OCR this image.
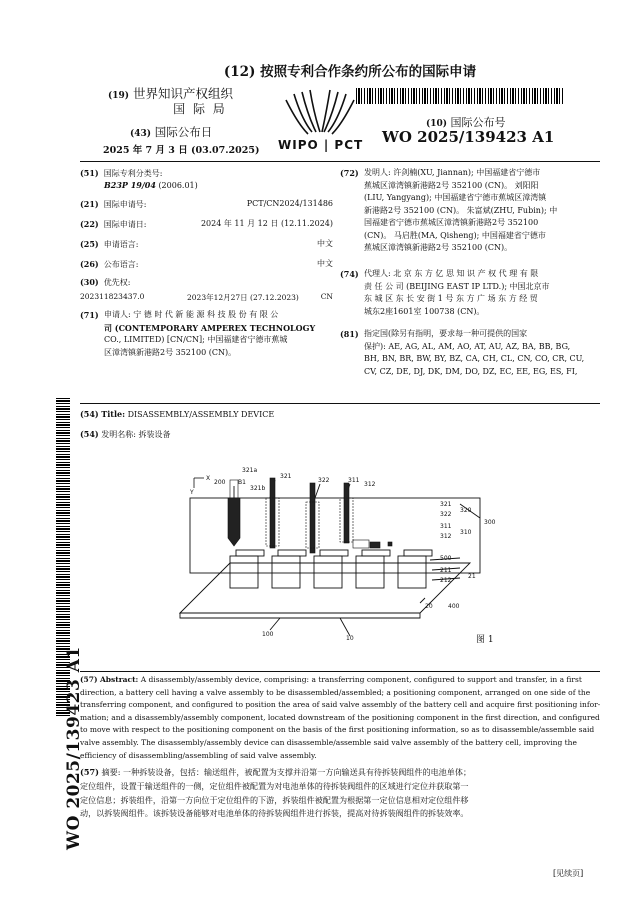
(12) 按照专利合作条约所公布的国际申请
(19) 世界知识产权组织
国 际 局
(43) 国际公布日
2025 年 7 月 3 日 (03.07.2025) WIPO | PCT
(10) 国际公布号
WO 2025/139423 A1
(51) 国际专利分类号:
B23P 19/04 (2006.01)
(21) 国际申请号:	PCT/CN2024/131486
(22) 国际申请日:	2024 年 11 月 12 日 (12.11.2024)
(25) 申请语言:	中文
(26) 公布语言:	中文
(30) 优先权:
202311823437.0	2023年12月27日 (27.12.2023)	CN
(71) 申请人: 宁 德 时 代 新 能 源 科 技 股 份 有 限 公
司 (CONTEMPORARY AMPEREX TECHNOLOGY
CO., LIMITED) [CN/CN]; 中国福建省宁德市蕉城
区漳湾镇新港路2号 352100 (CN)。
(72) 发明人: 许剑楠(XU, Jiannan); 中国福建省宁德市
蕉城区漳湾镇新港路2号 352100 (CN)。 刘阳阳
(LIU, Yangyang); 中国福建省宁德市蕉城区漳湾镇
新港路2号 352100 (CN)。 朱富斌(ZHU, Fubin); 中
国福建省宁德市蕉城区漳湾镇新港路2号 352100
(CN)。 马启胜(MA, Qisheng); 中国福建省宁德市
蕉城区漳湾镇新港路2号 352100 (CN)。
(74) 代理人: 北 京 东 方 亿 思 知 识 产 权 代 理 有 限
责 任 公 司 (BEIJING EAST IP LTD.); 中国北京市
东 城 区 东 长 安 街 1 号 东 方 广 场 东 方 经 贸
城东2座1601室 100738 (CN)。
(81) 指定国(除另有指明，要求每一种可提供的国家
保护): AE, AG, AL, AM, AO, AT, AU, AZ, BA, BB, BG,
BH, BN, BR, BW, BY, BZ, CA, CH, CL, CN, CO, CR, CU,
CV, CZ, DE, DJ, DK, DM, DO, DZ, EC, EE, EG, ES, FI,
(54) Title: DISASSEMBLY/ASSEMBLY DEVICE
(54) 发明名称: 拆装设备
321a
321
322	311
312
200 B1
321b
X
Y
321
322
320
300
311
312
310
500
211
212
21
20	400
100
10	图 1
(57) Abstract: A disassembly/assembly device, comprising: a transferring component, configured to support and transfer, in a first
direction, a battery cell having a valve assembly to be disassembled/assembled; a positioning component, arranged on one side of the
transferring component, and configured to position the area of said valve assembly of the battery cell and acquire first positioning infor-
mation; and a disassembly/assembly component, located downstream of the positioning component in the first direction, and configured
to move with respect to the positioning component on the basis of the first positioning information, so as to disassemble/assemble said
valve assembly. The disassembly/assembly device can disassemble/assemble said valve assembly of the battery cell, improving the
efficiency of disassembling/assembling of said valve assembly.
(57) 摘要: 一种拆装设备，包括：输送组件，被配置为支撑并沿第一方向输送具有待拆装阀组件的电池单体；
定位组件，设置于输送组件的一侧，定位组件被配置为对电池单体的待拆装阀组件的区域进行定位并获取第一
定位信息；拆装组件，沿第一方向位于定位组件的下游，拆装组件被配置为根据第一定位信息相对定位组件移
动，以拆装阀组件。该拆装设备能够对电池单体的待拆装阀组件进行拆装，提高对待拆装阀组件的拆装效率。
[见续页]
WO 2025/139423 A1
